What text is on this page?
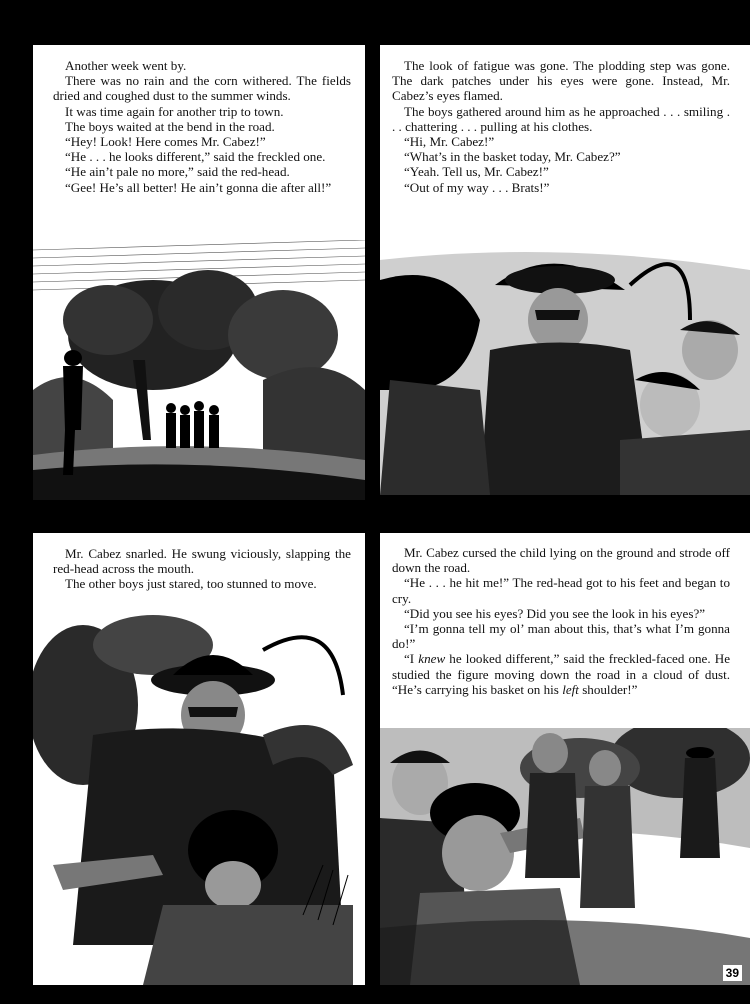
Another week went by.

There was no rain and the corn withered. The fields dried and coughed dust to the summer winds.

It was time again for another trip to town.

The boys waited at the bend in the road.

“Hey! Look! Here comes Mr. Cabez!”

“He . . . he looks different,” said the freckled one.

“He ain’t pale no more,” said the red-head.

“Gee! He’s all better! He ain’t gonna die after all!”

The look of fatigue was gone. The plodding step was gone. The dark patches under his eyes were gone. Instead, Mr. Cabez’s eyes flamed.

The boys gathered around him as he approached . . . smiling . . . chattering . . . pulling at his clothes.

“Hi, Mr. Cabez!”

“What’s in the basket today, Mr. Cabez?”

“Yeah. Tell us, Mr. Cabez!”

“Out of my way . . . Brats!”

Mr. Cabez snarled. He swung viciously, slapping the red-head across the mouth.

The other boys just stared, too stunned to move.

Mr. Cabez cursed the child lying on the ground and strode off down the road.

“He . . . he hit me!” The red-head got to his feet and began to cry.

“Did you see his eyes? Did you see the look in his eyes?”

“I’m gonna tell my ol’ man about this, that’s what I’m gonna do!”

“I knew he looked different,” said the freckled-faced one. He studied the figure moving down the road in a cloud of dust. “He’s carrying his basket on his left shoulder!”

39
